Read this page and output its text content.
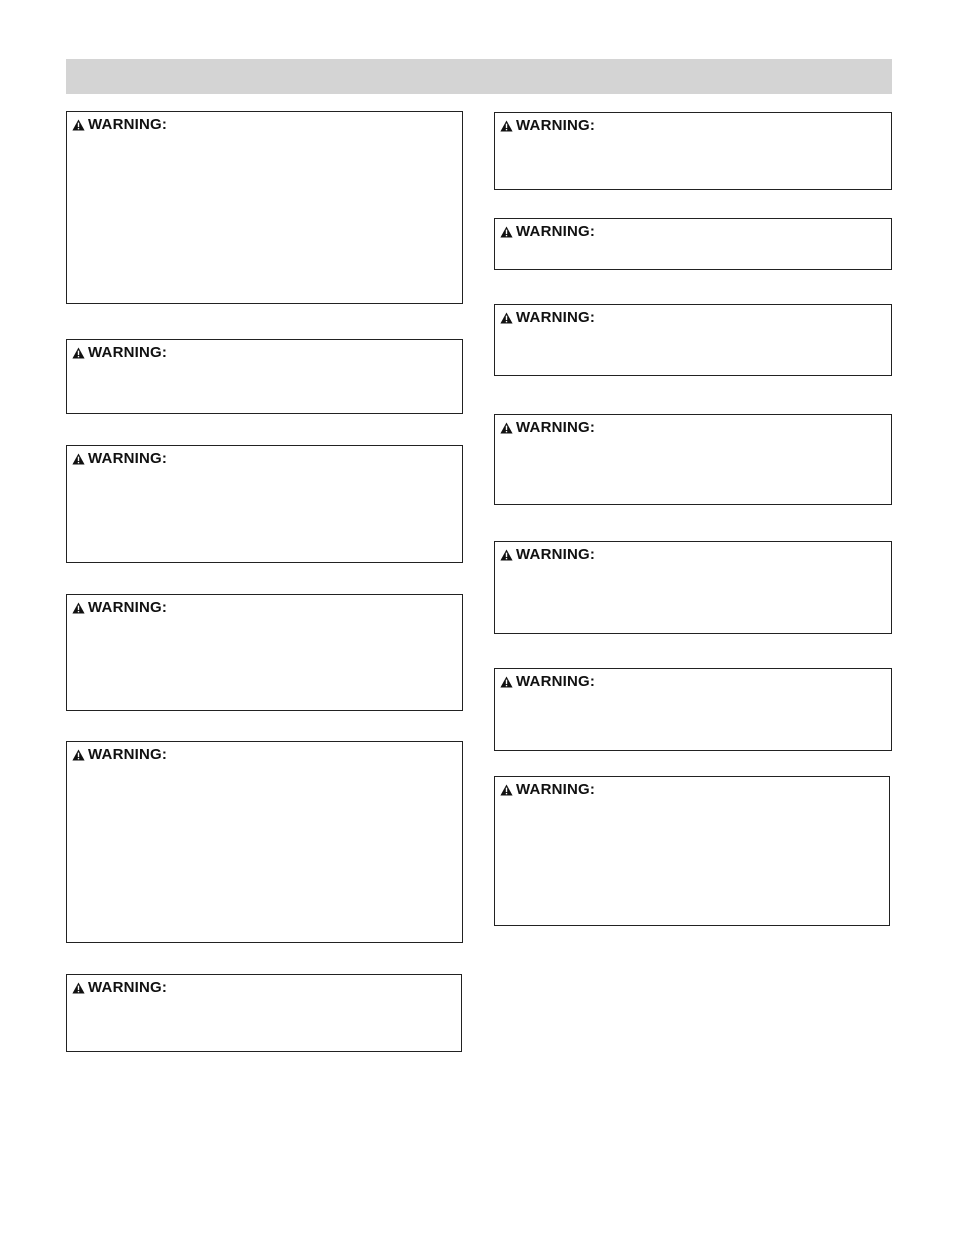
WARNING:
WARNING:
WARNING:
WARNING:
WARNING:
WARNING:
WARNING:
WARNING:
WARNING:
WARNING:
WARNING:
WARNING:
WARNING:
